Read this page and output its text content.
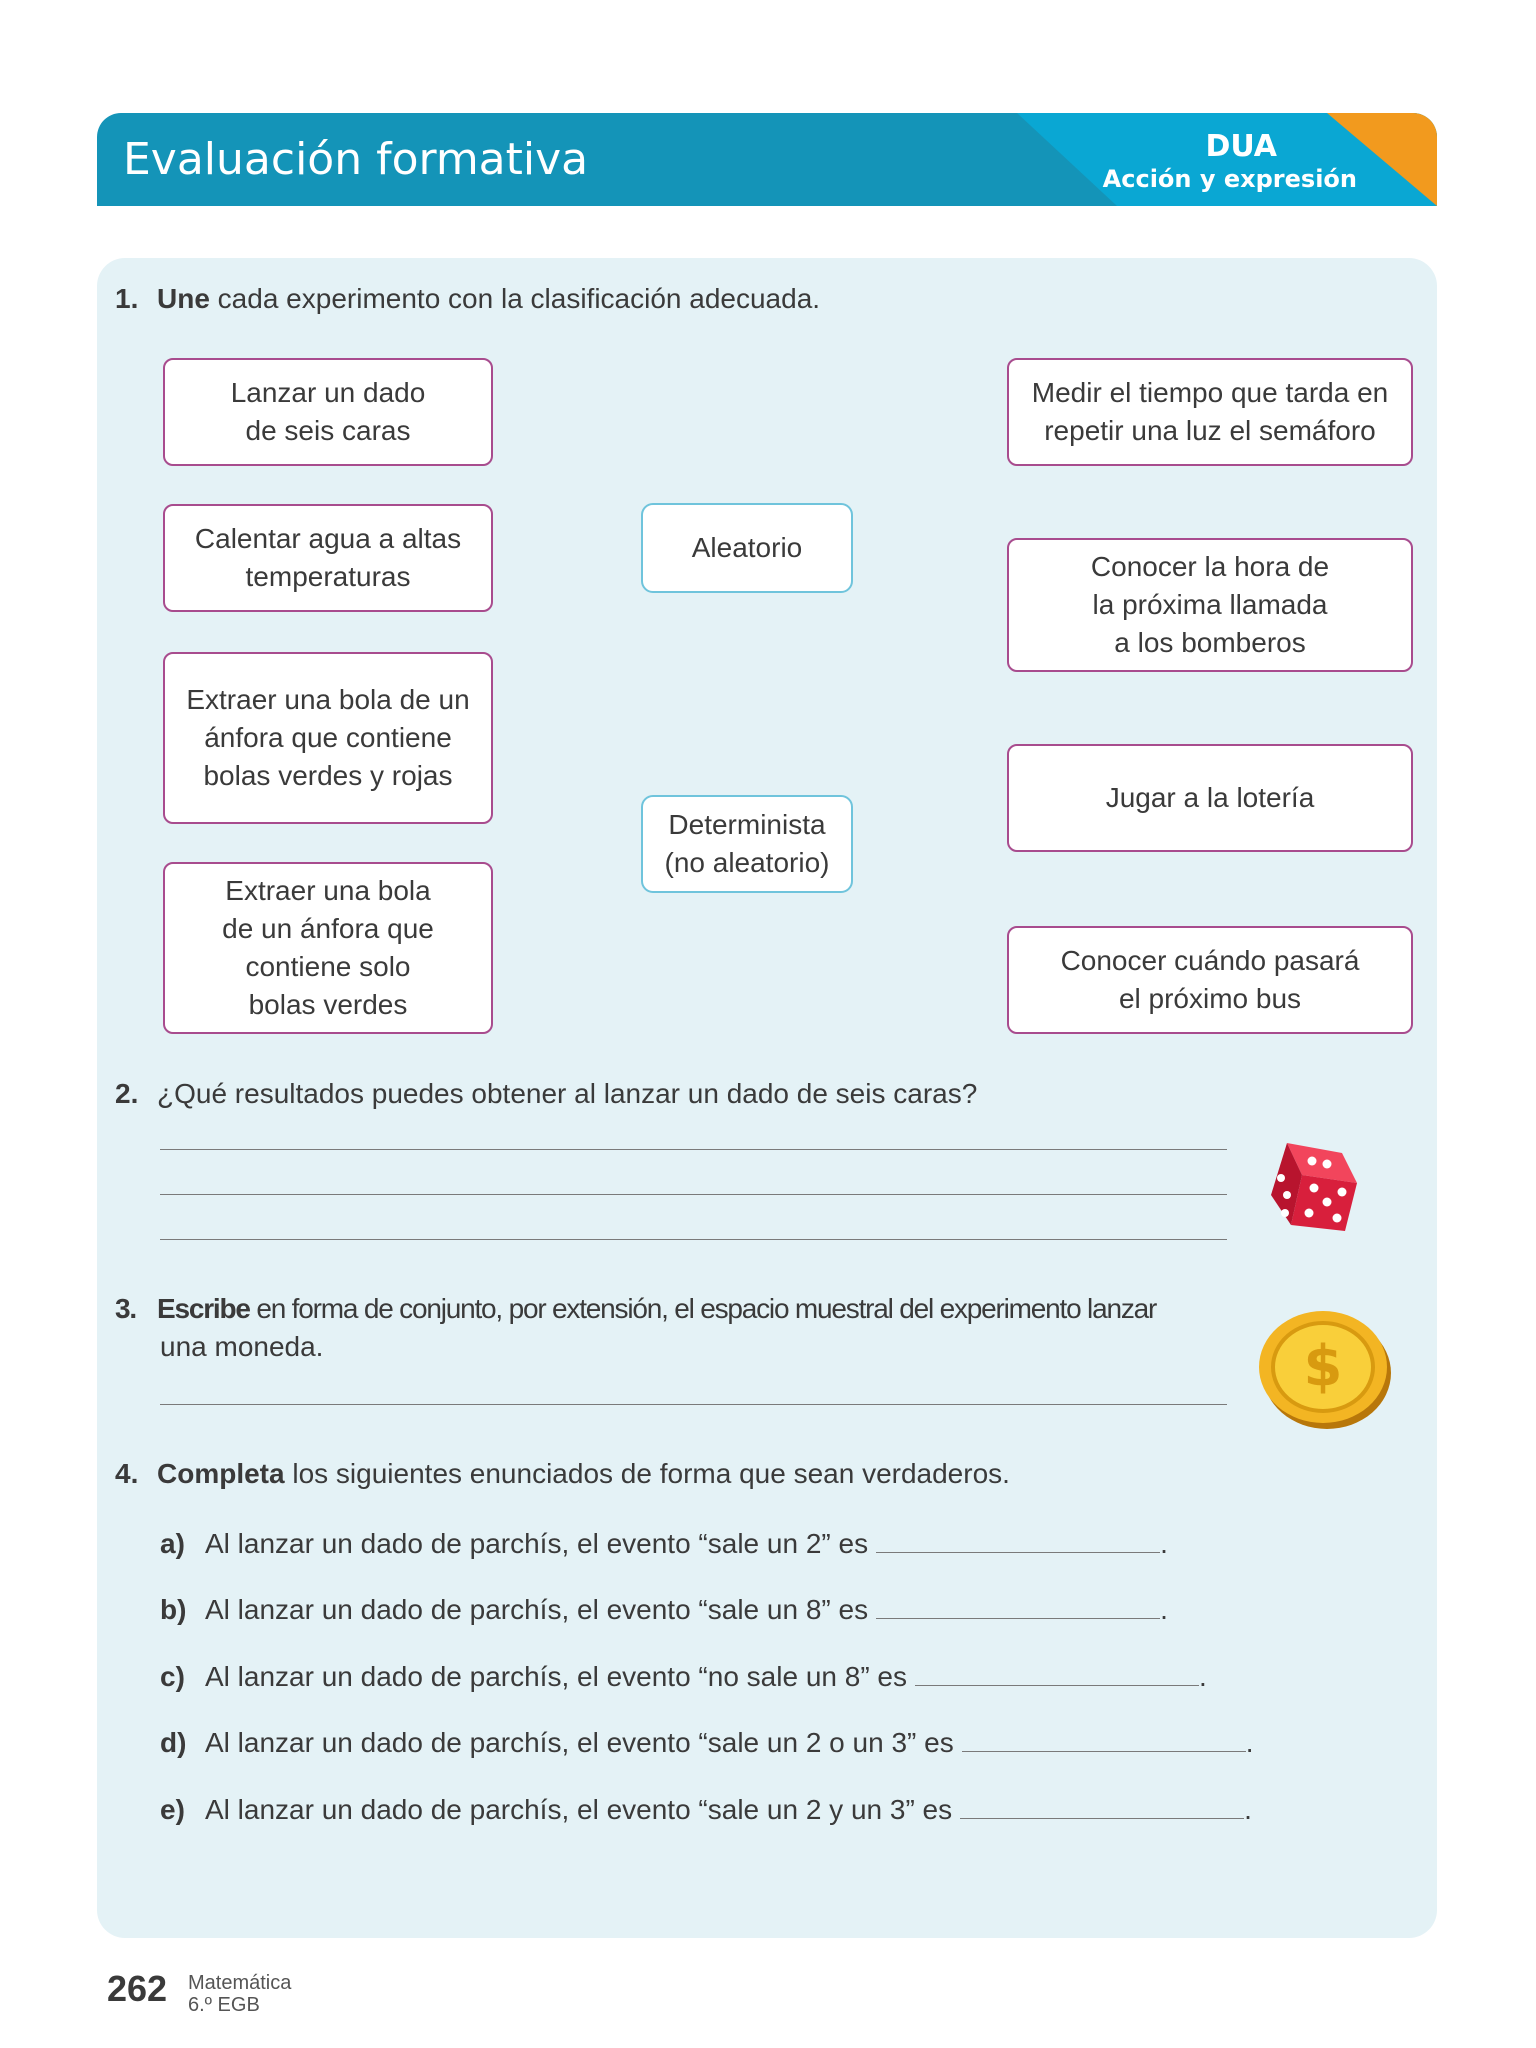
Evaluación formativa	DUA
Acción y expresión
1. Une cada experimento con la clasificación adecuada.
Lanzar un dado
de seis caras
Calentar agua a altas
temperaturas
Extraer una bola de un
ánfora que contiene
bolas verdes y rojas
Extraer una bola
de un ánfora que
contiene solo
bolas verdes
Aleatorio
Determinista
(no aleatorio)
Medir el tiempo que tarda en
repetir una luz el semáforo
Conocer la hora de
la próxima llamada
a los bomberos
Jugar a la lotería
Conocer cuándo pasará
el próximo bus
2. ¿Qué resultados puedes obtener al lanzar un dado de seis caras?
3. Escribe en forma de conjunto, por extensión, el espacio muestral del experimento lanzar
una moneda.	$
4. Completa los siguientes enunciados de forma que sean verdaderos.
a) Al lanzar un dado de parchís, el evento “sale un 2” es	.
b) Al lanzar un dado de parchís, el evento “sale un 8” es	.
c) Al lanzar un dado de parchís, el evento “no sale un 8” es	.
d) Al lanzar un dado de parchís, el evento “sale un 2 o un 3” es	.
e) Al lanzar un dado de parchís, el evento “sale un 2 y un 3” es	.
262 Matemática
6.º EGB
